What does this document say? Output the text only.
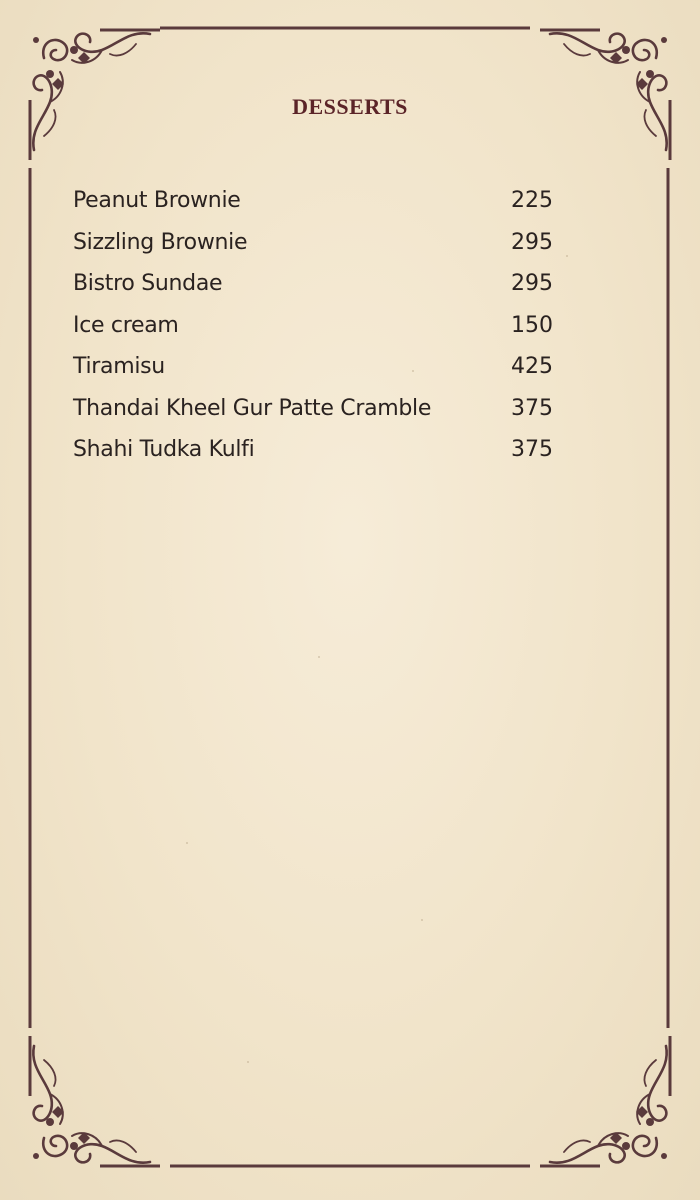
DESSERTS
Peanut Brownie	225
Sizzling Brownie	295
Bistro Sundae	295
Ice cream	150
Tiramisu	425
Thandai Kheel Gur Patte Cramble	375
Shahi Tudka Kulfi	375
